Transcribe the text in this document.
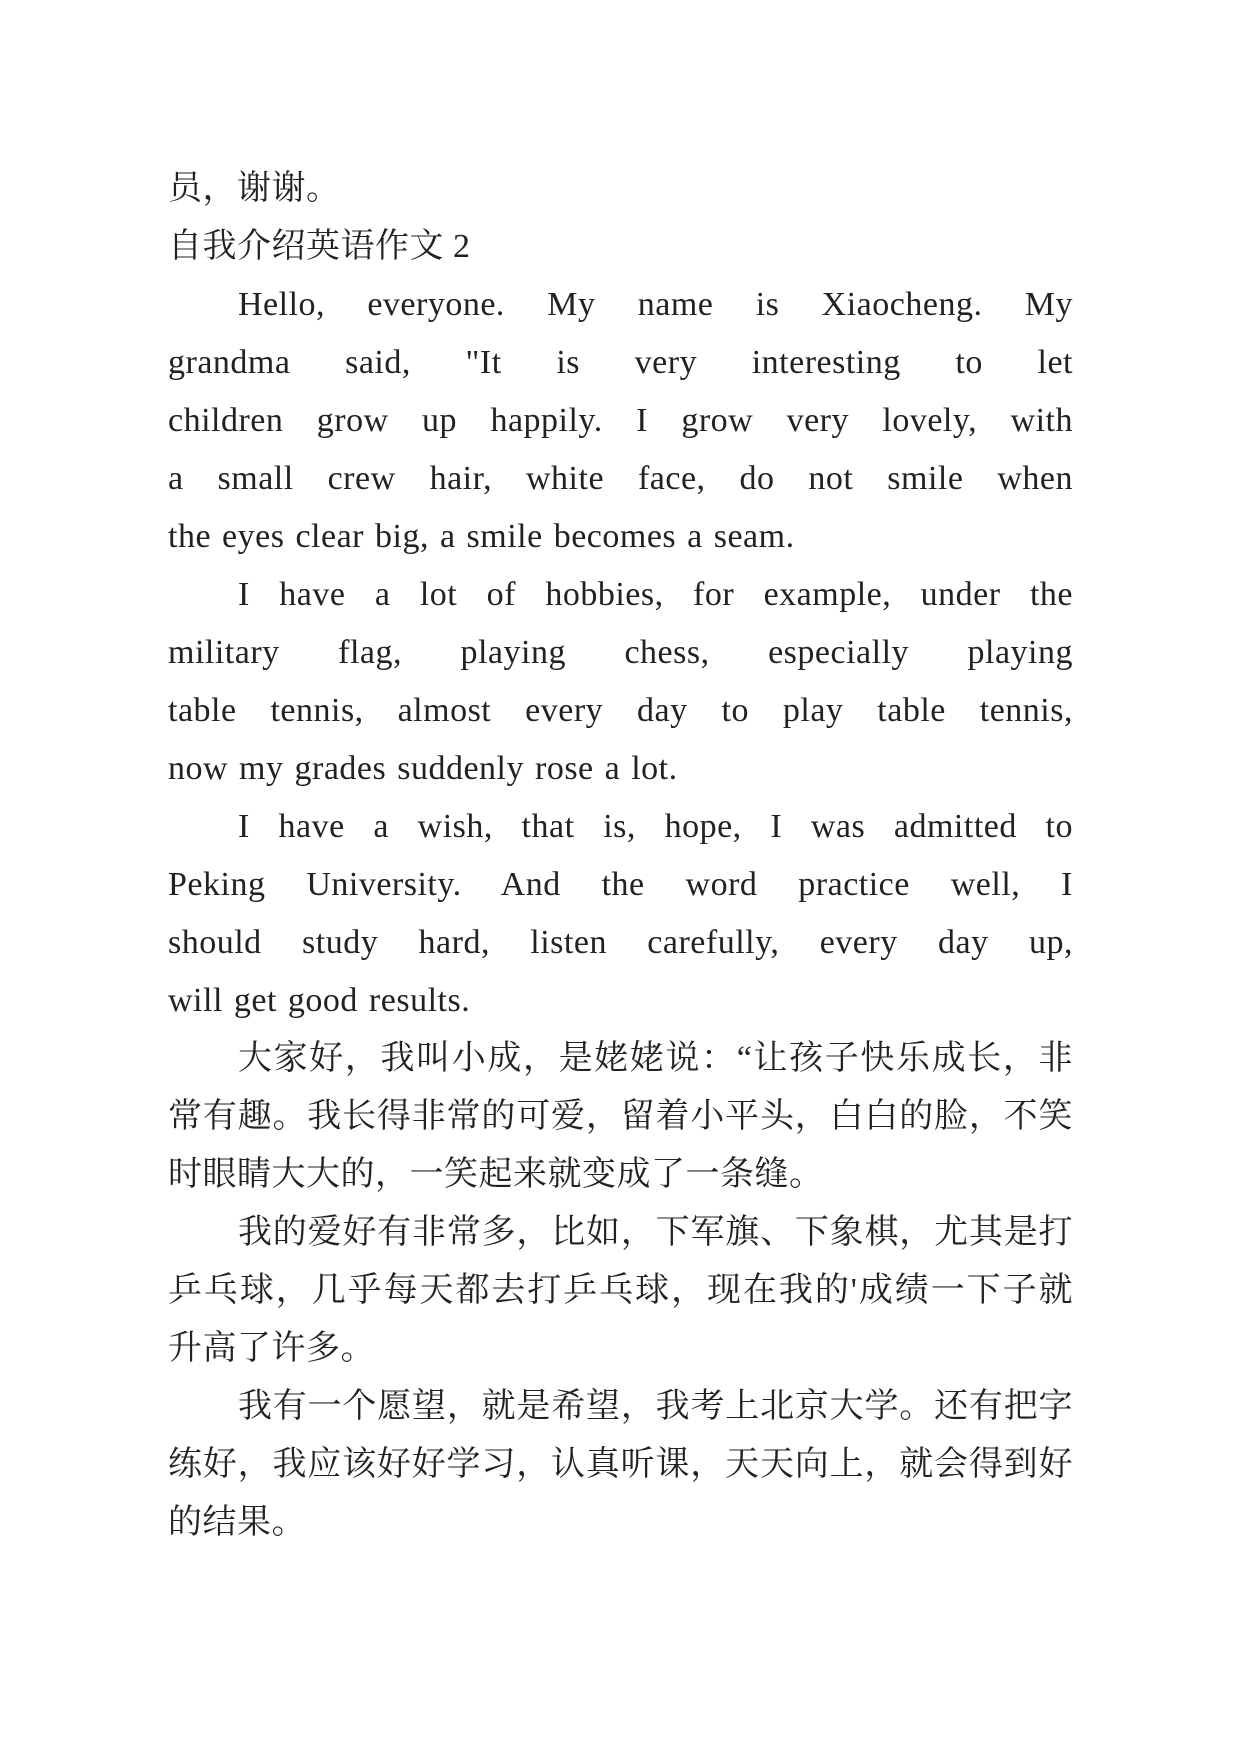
员，谢谢。
自我介绍英语作文 2
Hello, everyone. My name is Xiaocheng. My
grandma said, "It is very interesting to let
children grow up happily. I grow very lovely, with
a small crew hair, white face, do not smile when
the eyes clear big, a smile becomes a seam.
I have a lot of hobbies, for example, under the
military flag, playing chess, especially playing
table tennis, almost every day to play table tennis,
now my grades suddenly rose a lot.
I have a wish, that is, hope, I was admitted to
Peking University. And the word practice well, I
should study hard, listen carefully, every day up,
will get good results.
大家好，我叫小成，是姥姥说：“让孩子快乐成长，非
常有趣。我长得非常的可爱，留着小平头，白白的脸，不笑
时眼睛大大的，一笑起来就变成了一条缝。
我的爱好有非常多，比如，下军旗、下象棋，尤其是打
乒乓球，几乎每天都去打乒乓球，现在我的'成绩一下子就
升高了许多。
我有一个愿望，就是希望，我考上北京大学。还有把字
练好，我应该好好学习，认真听课，天天向上，就会得到好
的结果。
